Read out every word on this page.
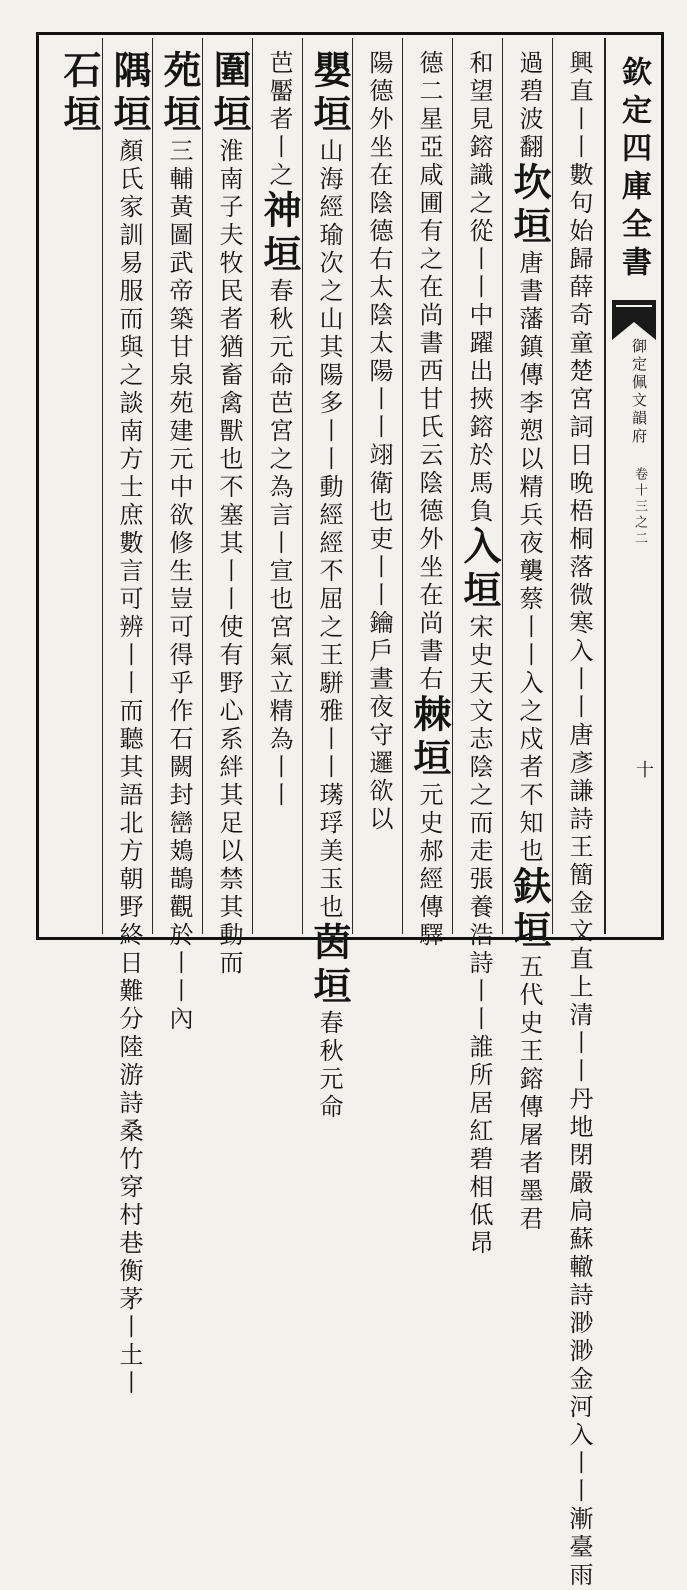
欽定四庫全書
御定佩文韻府 卷十三之二
十
興直丨丨數句始歸薛奇童楚宮詞日晚梧桐落微寒入丨丨唐彥謙詩王簡金文直上清丨丨丹地閉嚴扃蘇轍詩渺渺金河入丨丨漸臺雨
過碧波翻坎垣唐書藩鎮傳李愬以精兵夜襲蔡丨丨入之戍者不知也鈇垣五代史王鎔傳屠者墨君
和望見鎔識之從丨丨中躍出挾鎔於馬負入垣宋史天文志陰之而走張養浩詩丨丨誰所居紅碧相低昂
德二星亞咸圃有之在尚書西甘氏云陰德外坐在尚書右棘垣元史郝經傳驛
陽德外坐在陰德右太陰太陽丨丨翊衛也吏丨丨鑰戶晝夜守邏欲以
嬰垣山海經瑜次之山其陽多丨丨動經經不屈之王駢雅丨丨璓琈美玉也茵垣春秋元命
芭靨者丨之神垣春秋元命芭宮之為言丨宣也宮氣立精為丨丨
圍垣淮南子夫牧民者猶畜禽獸也不塞其丨丨使有野心系絆其足以禁其動而
苑垣三輔黃圖武帝築甘泉苑建元中欲修生豈可得乎作石闕封巒鳷鵲觀於丨丨內
隅垣顏氏家訓易服而與之談南方士庶數言可辨丨丨而聽其語北方朝野終日難分陸游詩桑竹穿村巷衡茅丨土丨
石垣
